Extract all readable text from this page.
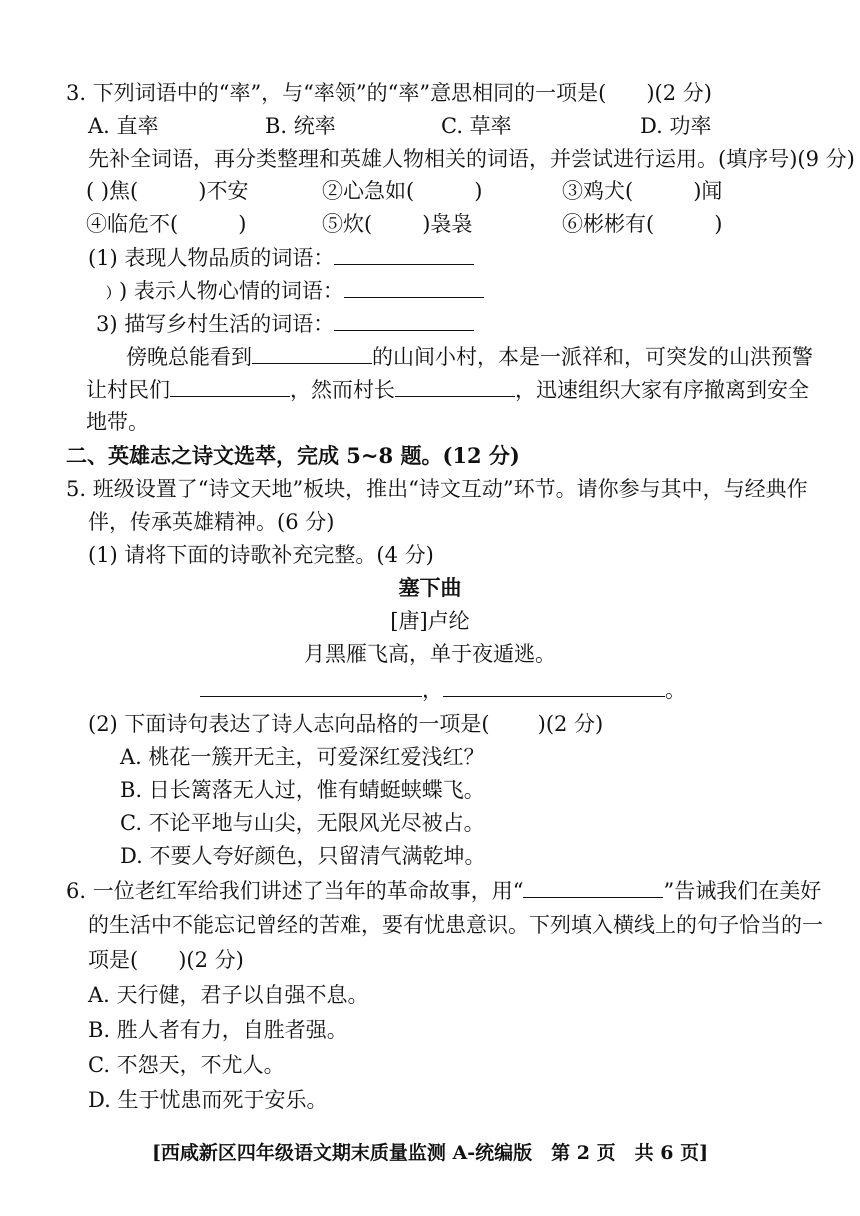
3. 下列词语中的“率”，与“率领”的“率”意思相同的一项是( )(2 分)
A. 直率	B. 统率	C. 草率	D. 功率
先补全词语，再分类整理和英雄人物相关的词语，并尝试进行运用。(填序号)(9 分)
( )焦(	)不安	②心急如(	)	③鸡犬(	)闻
④临危不(	)	⑤炊( )袅袅	⑥彬彬有(	)
(1) 表现人物品质的词语：
﹚) 表示人物心情的词语：
3) 描写乡村生活的词语：
傍晚总能看到	的山间小村，本是一派祥和，可突发的山洪预警
让村民们	，然而村长	，迅速组织大家有序撤离到安全
地带。
二、英雄志之诗文选萃，完成 5~8 题。(12 分)
5. 班级设置了“诗文天地”板块，推出“诗文互动”环节。请你参与其中，与经典作
伴，传承英雄精神。(6 分)
(1) 请将下面的诗歌补充完整。(4 分)
塞下曲
[唐]卢纶
月黑雁飞高，单于夜遁逃。
，	。
(2) 下面诗句表达了诗人志向品格的一项是( )(2 分)
A. 桃花一簇开无主，可爱深红爱浅红？
B. 日长篱落无人过，惟有蜻蜓蛱蝶飞。
C. 不论平地与山尖，无限风光尽被占。
D. 不要人夸好颜色，只留清气满乾坤。
6. 一位老红军给我们讲述了当年的革命故事，用“	”告诫我们在美好
的生活中不能忘记曾经的苦难，要有忧患意识。下列填入横线上的句子恰当的一
项是( )(2 分)
A. 天行健，君子以自强不息。
B. 胜人者有力，自胜者强。
C. 不怨天，不尤人。
D. 生于忧患而死于安乐。
[西咸新区四年级语文期末质量监测 A-统编版　第 2 页　共 6 页]
